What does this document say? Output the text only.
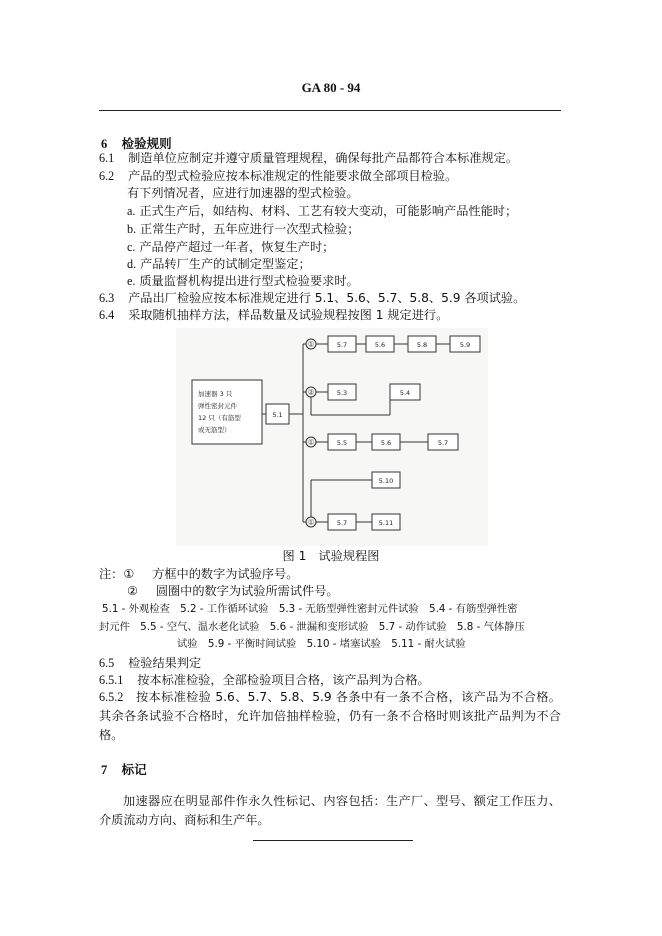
GA 80 - 94
6 检验规则
6.1 制造单位应制定并遵守质量管理规程，确保每批产品都符合本标准规定。
6.2 产品的型式检验应按本标准规定的性能要求做全部项目检验。
有下列情况者，应进行加速器的型式检验。
a. 正式生产后，如结构、材料、工艺有较大变动，可能影响产品性能时；
b. 正常生产时，五年应进行一次型式检验；
c. 产品停产超过一年者，恢复生产时；
d. 产品转厂生产的试制定型鉴定；
e. 质量监督机构提出进行型式检验要求时。
6.3 产品出厂检验应按本标准规定进行 5.1、5.6、5.7、5.8、5.9 各项试验。
6.4 采取随机抽样方法，样品数量及试验规程按图 1 规定进行。
加速器 3 只
弹性密封元件
12 只（有筋型
或无筋型）
5.1
①
②
①
①
5.7	5.6	5.8	5.9
5.3	5.4
5.5	5.6	5.7
5.10
5.7	5.11
图 1　试验规程图
注：① 方框中的数字为试验序号。
② 圆圈中的数字为试验所需试件号。
5.1 - 外观检查　5.2 - 工作循环试验　5.3 - 无筋型弹性密封元件试验　5.4 - 有筋型弹性密
封元件　5.5 - 空气、温水老化试验　5.6 - 泄漏和变形试验　5.7 - 动作试验　5.8 - 气体静压
试验　5.9 - 平衡时间试验　5.10 - 堵塞试验　5.11 - 耐火试验
6.5 检验结果判定
6.5.1 按本标准检验，全部检验项目合格，该产品判为合格。
6.5.2 按本标准检验 5.6、5.7、5.8、5.9 各条中有一条不合格，该产品为不合格。其余各条试验不合格时，允许加倍抽样检验，仍有一条不合格时则该批产品判为不合格。
7 标记
加速器应在明显部件作永久性标记、内容包括：生产厂、型号、额定工作压力、介质流动方向、商标和生产年。
